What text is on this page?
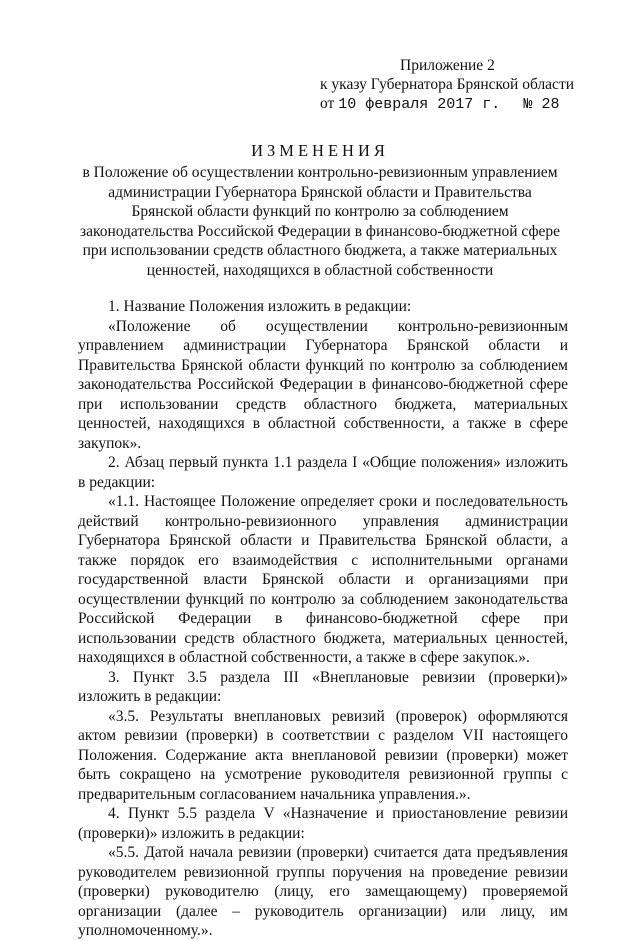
Приложение 2
к указу Губернатора Брянской области
от 10 февраля 2017 г. № 28
ИЗМЕНЕНИЯ
в Положение об осуществлении контрольно-ревизионным управлением администрации Губернатора Брянской области и Правительства Брянской области функций по контролю за соблюдением законодательства Российской Федерации в финансово-бюджетной сфере при использовании средств областного бюджета, а также материальных ценностей, находящихся в областной собственности

1. Название Положения изложить в редакции:

«Положение об осуществлении контрольно-ревизионным управлением администрации Губернатора Брянской области и Правительства Брянской области функций по контролю за соблюдением законодательства Российской Федерации в финансово-бюджетной сфере при использовании средств областного бюджета, материальных ценностей, находящихся в областной собственности, а также в сфере закупок».

2. Абзац первый пункта 1.1 раздела I «Общие положения» изложить в редакции:

«1.1. Настоящее Положение определяет сроки и последовательность действий контрольно-ревизионного управления администрации Губернатора Брянской области и Правительства Брянской области, а также порядок его взаимодействия с исполнительными органами государственной власти Брянской области и организациями при осуществлении функций по контролю за соблюдением законодательства Российской Федерации в финансово-бюджетной сфере при использовании средств областного бюджета, материальных ценностей, находящихся в областной собственности, а также в сфере закупок.».

3. Пункт 3.5 раздела III «Внеплановые ревизии (проверки)» изложить в редакции:

«3.5. Результаты внеплановых ревизий (проверок) оформляются актом ревизии (проверки) в соответствии с разделом VII настоящего Положения. Содержание акта внеплановой ревизии (проверки) может быть сокращено на усмотрение руководителя ревизионной группы с предварительным согласованием начальника управления.».

4. Пункт 5.5 раздела V «Назначение и приостановление ревизии (проверки)» изложить в редакции:

«5.5. Датой начала ревизии (проверки) считается дата предъявления руководителем ревизионной группы поручения на проведение ревизии (проверки) руководителю (лицу, его замещающему) проверяемой организации (далее – руководитель организации) или лицу, им уполномоченному.».
